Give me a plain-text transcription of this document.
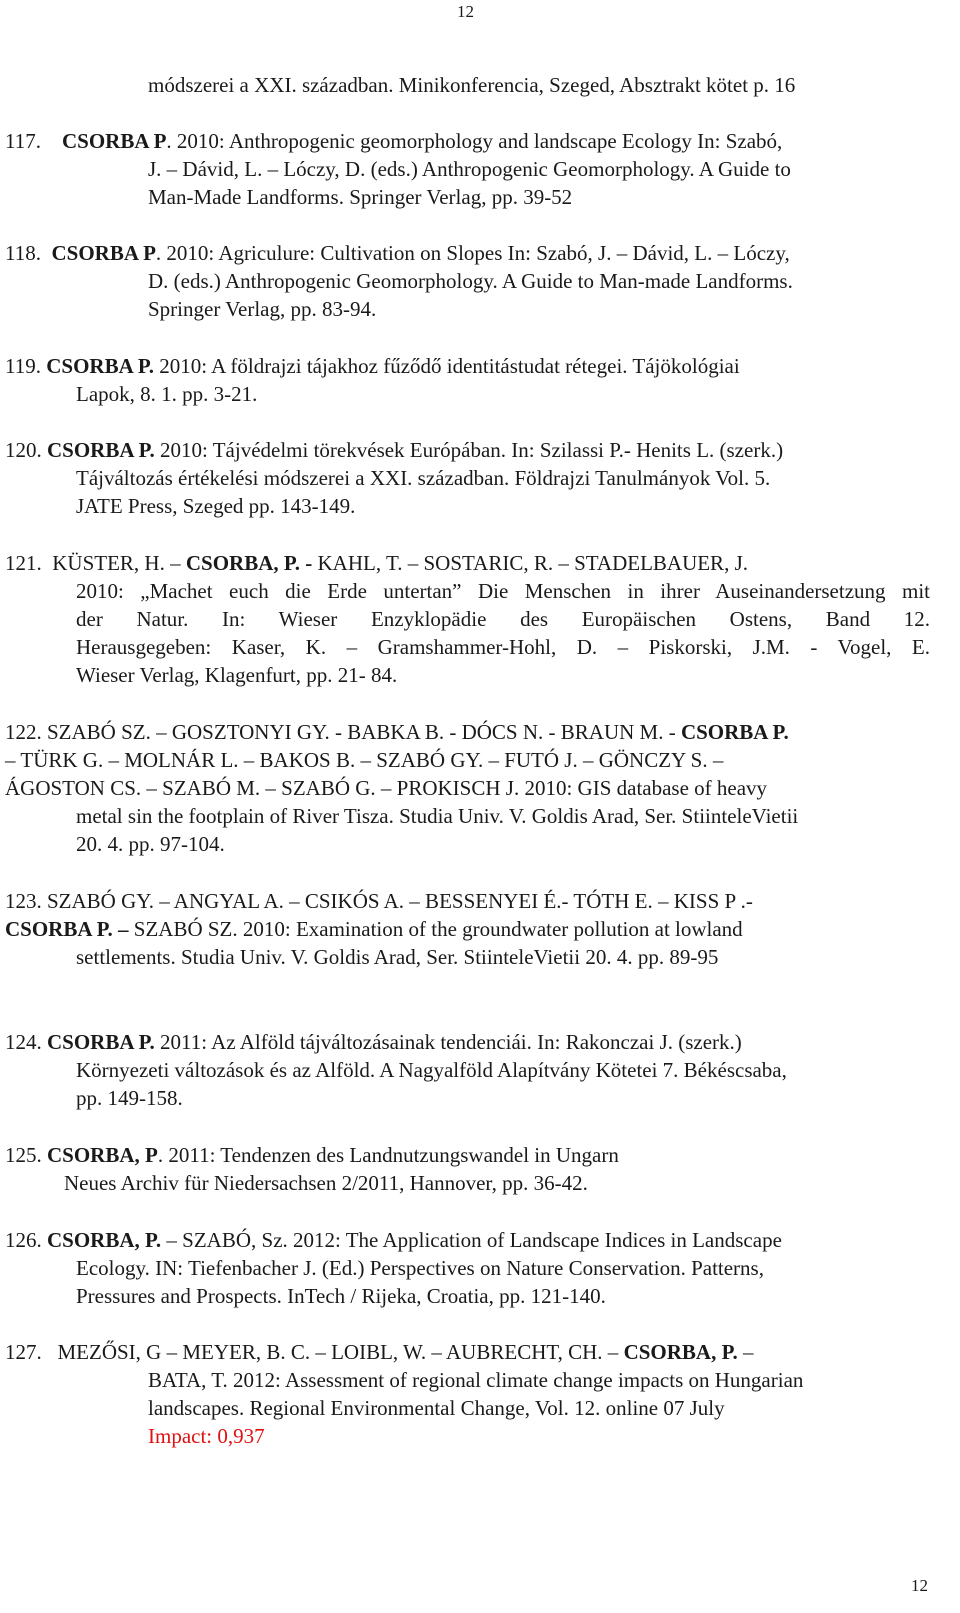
12
módszerei a XXI. században. Minikonferencia, Szeged, Absztrakt kötet p. 16
117. CSORBA P. 2010: Anthropogenic geomorphology and landscape Ecology In: Szabó,
J. – Dávid, L. – Lóczy, D. (eds.) Anthropogenic Geomorphology. A Guide to
Man-Made Landforms. Springer Verlag, pp. 39-52
118. CSORBA P. 2010: Agriculure: Cultivation on Slopes In: Szabó, J. – Dávid, L. – Lóczy,
D. (eds.) Anthropogenic Geomorphology. A Guide to Man-made Landforms.
Springer Verlag, pp. 83-94.
119. CSORBA P. 2010: A földrajzi tájakhoz fűződő identitástudat rétegei. Tájökológiai
Lapok, 8. 1. pp. 3-21.
120. CSORBA P. 2010: Tájvédelmi törekvések Európában. In: Szilassi P.- Henits L. (szerk.)
Tájváltozás értékelési módszerei a XXI. században. Földrajzi Tanulmányok Vol. 5.
JATE Press, Szeged pp. 143-149.
121. KÜSTER, H. – CSORBA, P. - KAHL, T. – SOSTARIC, R. – STADELBAUER, J.
2010: „Machet euch die Erde untertan” Die Menschen in ihrer Auseinandersetzung mit
der Natur. In: Wieser Enzyklopädie des Europäischen Ostens, Band 12.
Herausgegeben: Kaser, K. – Gramshammer-Hohl, D. – Piskorski, J.M. - Vogel, E.
Wieser Verlag, Klagenfurt, pp. 21- 84.
122. SZABÓ SZ. – GOSZTONYI GY. - BABKA B. - DÓCS N. - BRAUN M. - CSORBA P.
– TÜRK G. – MOLNÁR L. – BAKOS B. – SZABÓ GY. – FUTÓ J. – GÖNCZY S. –
ÁGOSTON CS. – SZABÓ M. – SZABÓ G. – PROKISCH J. 2010: GIS database of heavy
metal sin the footplain of River Tisza. Studia Univ. V. Goldis Arad, Ser. StiinteleVietii
20. 4. pp. 97-104.
123. SZABÓ GY. – ANGYAL A. – CSIKÓS A. – BESSENYEI É.- TÓTH E. – KISS P .-
CSORBA P. – SZABÓ SZ. 2010: Examination of the groundwater pollution at lowland
settlements. Studia Univ. V. Goldis Arad, Ser. StiinteleVietii 20. 4. pp. 89-95
124. CSORBA P. 2011: Az Alföld tájváltozásainak tendenciái. In: Rakonczai J. (szerk.)
Környezeti változások és az Alföld. A Nagyalföld Alapítvány Kötetei 7. Békéscsaba,
pp. 149-158.
125. CSORBA, P. 2011: Tendenzen des Landnutzungswandel in Ungarn
Neues Archiv für Niedersachsen 2/2011, Hannover, pp. 36-42.
126. CSORBA, P. – SZABÓ, Sz. 2012: The Application of Landscape Indices in Landscape
Ecology. IN: Tiefenbacher J. (Ed.) Perspectives on Nature Conservation. Patterns,
Pressures and Prospects. InTech / Rijeka, Croatia, pp. 121-140.
127. MEZŐSI, G – MEYER, B. C. – LOIBL, W. – AUBRECHT, CH. – CSORBA, P. –
BATA, T. 2012: Assessment of regional climate change impacts on Hungarian
landscapes. Regional Environmental Change, Vol. 12. online 07 July
Impact: 0,937
12
